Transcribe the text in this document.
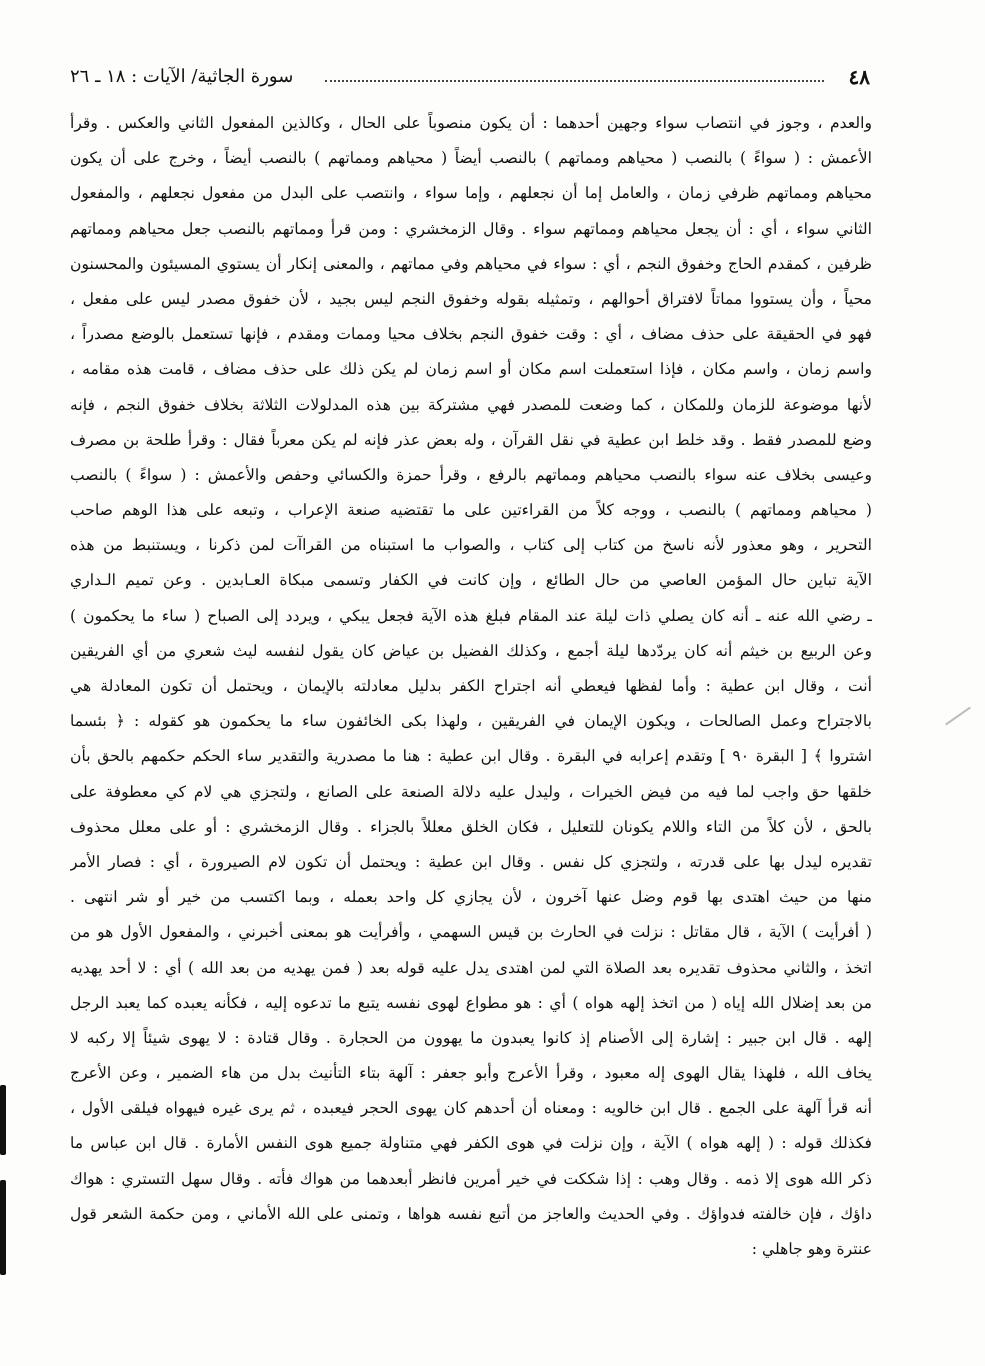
٤٨
سورة الجاثية/ الآيات : ١٨ ـ ٢٦
والعدم ، وجوز في انتصاب سواء وجهين أحدهما : أن يكون منصوباً على الحال ، وكالذين المفعول الثاني والعكس . وقرأ
الأعمش : ( سواءً ) بالنصب ( محياهم ومماتهم ) بالنصب أيضاً ( محياهم ومماتهم ) بالنصب أيضاً ، وخرج على أن يكون
محياهم ومماتهم ظرفي زمان ، والعامل إما أن نجعلهم ، وإما سواء ، وانتصب على البدل من مفعول نجعلهم ، والمفعول
الثاني سواء ، أي : أن يجعل محياهم ومماتهم سواء . وقال الزمخشري : ومن قرأ ومماتهم بالنصب جعل محياهم ومماتهم
ظرفين ، كمقدم الحاج وخفوق النجم ، أي : سواء في محياهم وفي مماتهم ، والمعنى إنكار أن يستوي المسيئون والمحسنون
محياً ، وأن يستووا مماتاً لافتراق أحوالهم ، وتمثيله بقوله وخفوق النجم ليس بجيد ، لأن خفوق مصدر ليس على مفعل ،
فهو في الحقيقة على حذف مضاف ، أي : وقت خفوق النجم بخلاف محيا وممات ومقدم ، فإنها تستعمل بالوضع مصدراً ،
واسم زمان ، واسم مكان ، فإذا استعملت اسم مكان أو اسم زمان لم يكن ذلك على حذف مضاف ، قامت هذه مقامه ،
لأنها موضوعة للزمان وللمكان ، كما وضعت للمصدر فهي مشتركة بين هذه المدلولات الثلاثة بخلاف خفوق النجم ، فإنه
وضع للمصدر فقط . وقد خلط ابن عطية في نقل القرآن ، وله بعض عذر فإنه لم يكن معرباً فقال : وقرأ طلحة بن مصرف
وعيسى بخلاف عنه سواء بالنصب محياهم ومماتهم بالرفع ، وقرأ حمزة والكسائي وحفص والأعمش : ( سواءً ) بالنصب
( محياهم ومماتهم ) بالنصب ، ووجه كلاً من القراءتين على ما تقتضيه صنعة الإعراب ، وتبعه على هذا الوهم صاحب
التحرير ، وهو معذور لأنه ناسخ من كتاب إلى كتاب ، والصواب ما استبناه من القراآت لمن ذكرنا ، ويستنبط من هذه
الآية تباين حال المؤمن العاصي من حال الطائع ، وإن كانت في الكفار وتسمى مبكاة العـابدين . وعن تميم الـداري
ـ رضي الله عنه ـ أنه كان يصلي ذات ليلة عند المقام فبلغ هذه الآية فجعل يبكي ، ويردد إلى الصباح ( ساء ما يحكمون )
وعن الربيع بن خيثم أنه كان يردّدها ليلة أجمع ، وكذلك الفضيل بن عياض كان يقول لنفسه ليث شعري من أي الفريقين
أنت ، وقال ابن عطية : وأما لفظها فيعطي أنه اجتراح الكفر بدليل معادلته بالإيمان ، ويحتمل أن تكون المعادلة هي
بالاجتراح وعمل الصالحات ، ويكون الإيمان في الفريقين ، ولهذا بكى الخائفون ساء ما يحكمون هو كقوله : ﴿ بئسما
اشتروا ﴾ [ البقرة ٩٠ ] وتقدم إعرابه في البقرة . وقال ابن عطية : هنا ما مصدرية والتقدير ساء الحكم حكمهم بالحق بأن
خلقها حق واجب لما فيه من فيض الخيرات ، وليدل عليه دلالة الصنعة على الصانع ، ولتجزي هي لام كي معطوفة على
بالحق ، لأن كلاً من التاء واللام يكونان للتعليل ، فكان الخلق معللاً بالجزاء . وقال الزمخشري : أو على معلل محذوف
تقديره ليدل بها على قدرته ، ولتجزي كل نفس . وقال ابن عطية : ويحتمل أن تكون لام الصيرورة ، أي : فصار الأمر
منها من حيث اهتدى بها قوم وضل عنها آخرون ، لأن يجازي كل واحد بعمله ، وبما اكتسب من خير أو شر انتهى .
( أفرأيت ) الآية ، قال مقاتل : نزلت في الحارث بن قيس السهمي ، وأفرأيت هو بمعنى أخبرني ، والمفعول الأول هو من
اتخذ ، والثاني محذوف تقديره بعد الصلاة التي لمن اهتدى يدل عليه قوله بعد ( فمن يهديه من بعد الله ) أي : لا أحد يهديه
من بعد إضلال الله إياه ( من اتخذ إلهه هواه ) أي : هو مطواع لهوى نفسه يتبع ما تدعوه إليه ، فكأنه يعبده كما يعبد الرجل
إلهه . قال ابن جبير : إشارة إلى الأصنام إذ كانوا يعبدون ما يهوون من الحجارة . وقال قتادة : لا يهوى شيئاً إلا ركبه لا
يخاف الله ، فلهذا يقال الهوى إله معبود ، وقرأ الأعرج وأبو جعفر : آلهة بتاء التأنيث بدل من هاء الضمير ، وعن الأعرج
أنه قرأ آلهة على الجمع . قال ابن خالويه : ومعناه أن أحدهم كان يهوى الحجر فيعبده ، ثم يرى غيره فيهواه فيلقى الأول ،
فكذلك قوله : ( إلهه هواه ) الآية ، وإن نزلت في هوى الكفر فهي متناولة جميع هوى النفس الأمارة . قال ابن عباس ما
ذكر الله هوى إلا ذمه . وقال وهب : إذا شككت في خير أمرين فانظر أبعدهما من هواك فأته . وقال سهل التستري : هواك
داؤك ، فإن خالفته فدواؤك . وفي الحديث والعاجز من أتبع نفسه هواها ، وتمنى على الله الأماني ، ومن حكمة الشعر قول
عنترة وهو جاهلي :
